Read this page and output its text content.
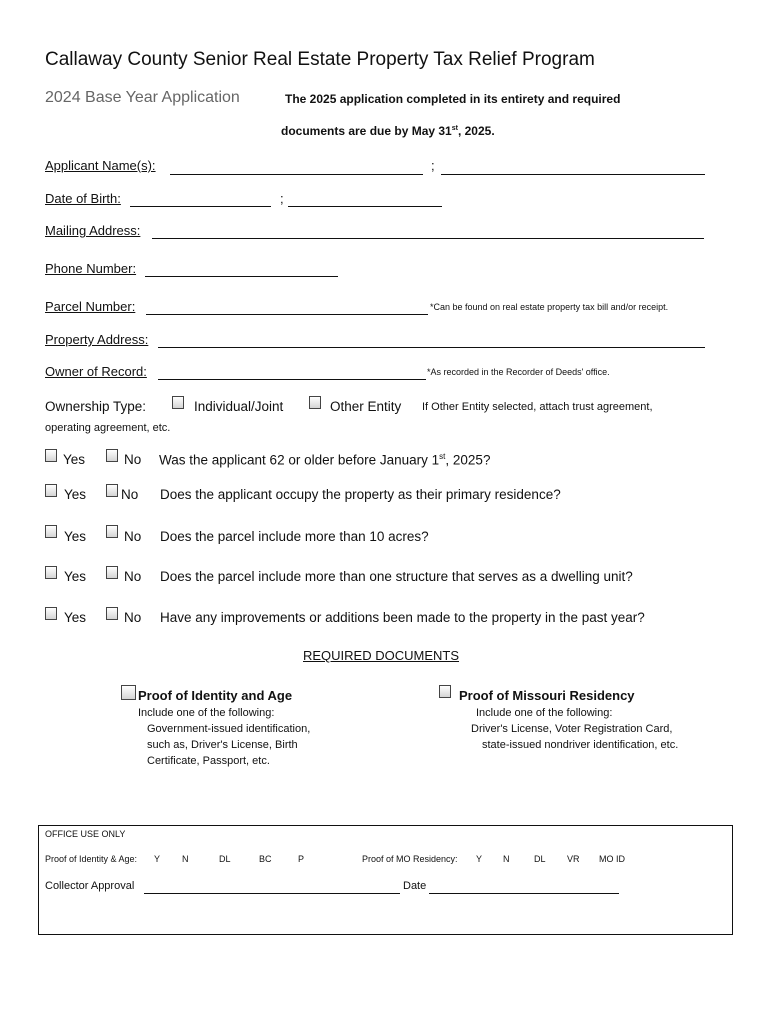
Callaway County Senior Real Estate Property Tax Relief Program
2024 Base Year Application	The 2025 application completed in its entirety and required
documents are due by May 31st, 2025.
Applicant Name(s):	;
Date of Birth:	;
Mailing Address:
Phone Number:
Parcel Number:	*Can be found on real estate property tax bill and/or receipt.
Property Address:
Owner of Record:	*As recorded in the Recorder of Deeds' office.
Ownership Type:	Individual/Joint	Other Entity If Other Entity selected, attach trust agreement,
operating agreement, etc.
Yes	No Was the applicant 62 or older before January 1st, 2025?
Yes	No Does the applicant occupy the property as their primary residence?
Yes	No Does the parcel include more than 10 acres?
Yes	No Does the parcel include more than one structure that serves as a dwelling unit?
Yes	No Have any improvements or additions been made to the property in the past year?
REQUIRED DOCUMENTS
Proof of Identity and Age
Include one of the following:
Government-issued identification,
such as, Driver's License, Birth
Certificate, Passport, etc.
Proof of Missouri Residency
Include one of the following:
Driver's License, Voter Registration Card,
state-issued nondriver identification, etc.
OFFICE USE ONLY
Proof of Identity & Age: Y N	DL	BC	P	Proof of MO Residency: Y N	DL VR MO ID
Collector Approval	Date
